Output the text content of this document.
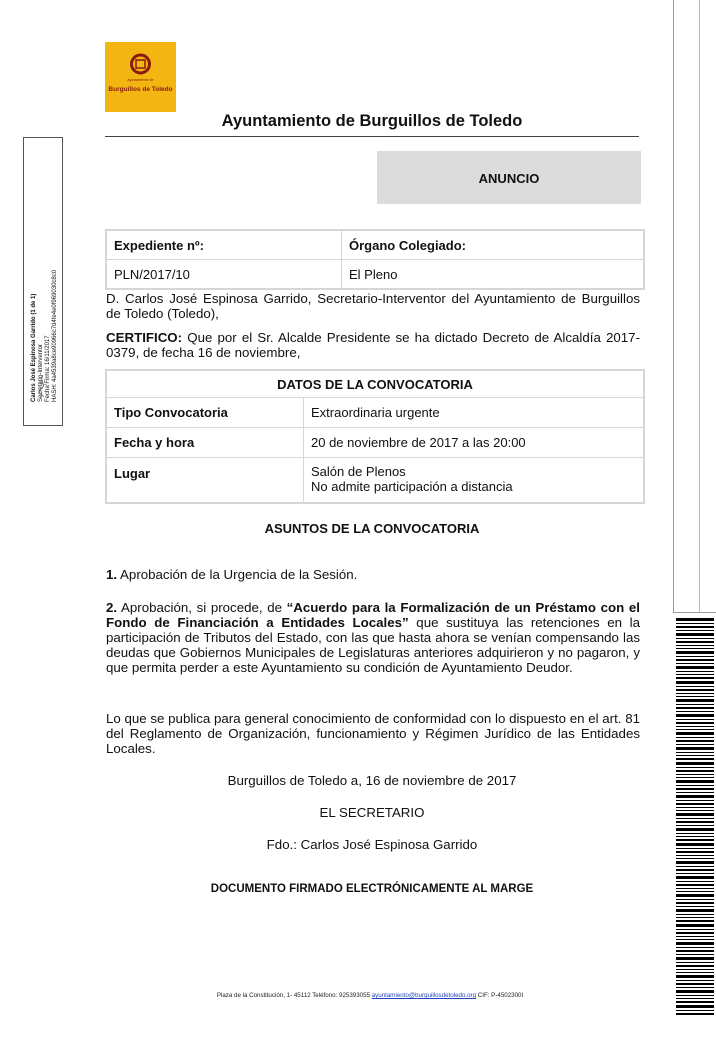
Carlos José Espinosa Garrido (1 de 1) Secretario-Interventor Fecha Firma: 16/11/2017 HASH: 4a4539a8ce90966c7d4fe4e0f969030c8c0
Ayuntamiento de
Burguillos de Toledo
Ayuntamiento de Burguillos de Toledo
ANUNCIO
Expediente nº:	Órgano Colegiado:
PLN/2017/10	El Pleno
D. Carlos José Espinosa Garrido, Secretario-Interventor del Ayuntamiento de Burguillos de Toledo (Toledo),
CERTIFICO: Que por el Sr. Alcalde Presidente se ha dictado Decreto de Alcaldía 2017-0379, de fecha 16 de noviembre,
DATOS DE LA CONVOCATORIA	
Tipo Convocatoria	Extraordinaria urgente
Fecha y hora	20 de noviembre de 2017 a las 20:00
Lugar	Salón de Plenos
No admite participación a distancia
ASUNTOS DE LA CONVOCATORIA
1. Aprobación de la Urgencia de la Sesión.
2. Aprobación, si procede, de “Acuerdo para la Formalización de un Préstamo con el Fondo de Financiación a Entidades Locales” que sustituya las retenciones en la participación de Tributos del Estado, con las que hasta ahora se venían compensando las deudas que Gobiernos Municipales de Legislaturas anteriores adquirieron y no pagaron, y que permita perder a este Ayuntamiento su condición de Ayuntamiento Deudor.
Lo que se publica para general conocimiento de conformidad con lo dispuesto en el art. 81 del Reglamento de Organización, funcionamiento y Régimen Jurídico de las Entidades Locales.
Burguillos de Toledo a, 16 de noviembre de 2017
EL SECRETARIO
Fdo.: Carlos José Espinosa Garrido
DOCUMENTO FIRMADO ELECTRÓNICAMENTE AL MARGE
Plaza de la Constitución, 1- 45112 Teléfono: 925393055 ayuntamiento@burguillosdetoledo.org CIF: P-4502300I
